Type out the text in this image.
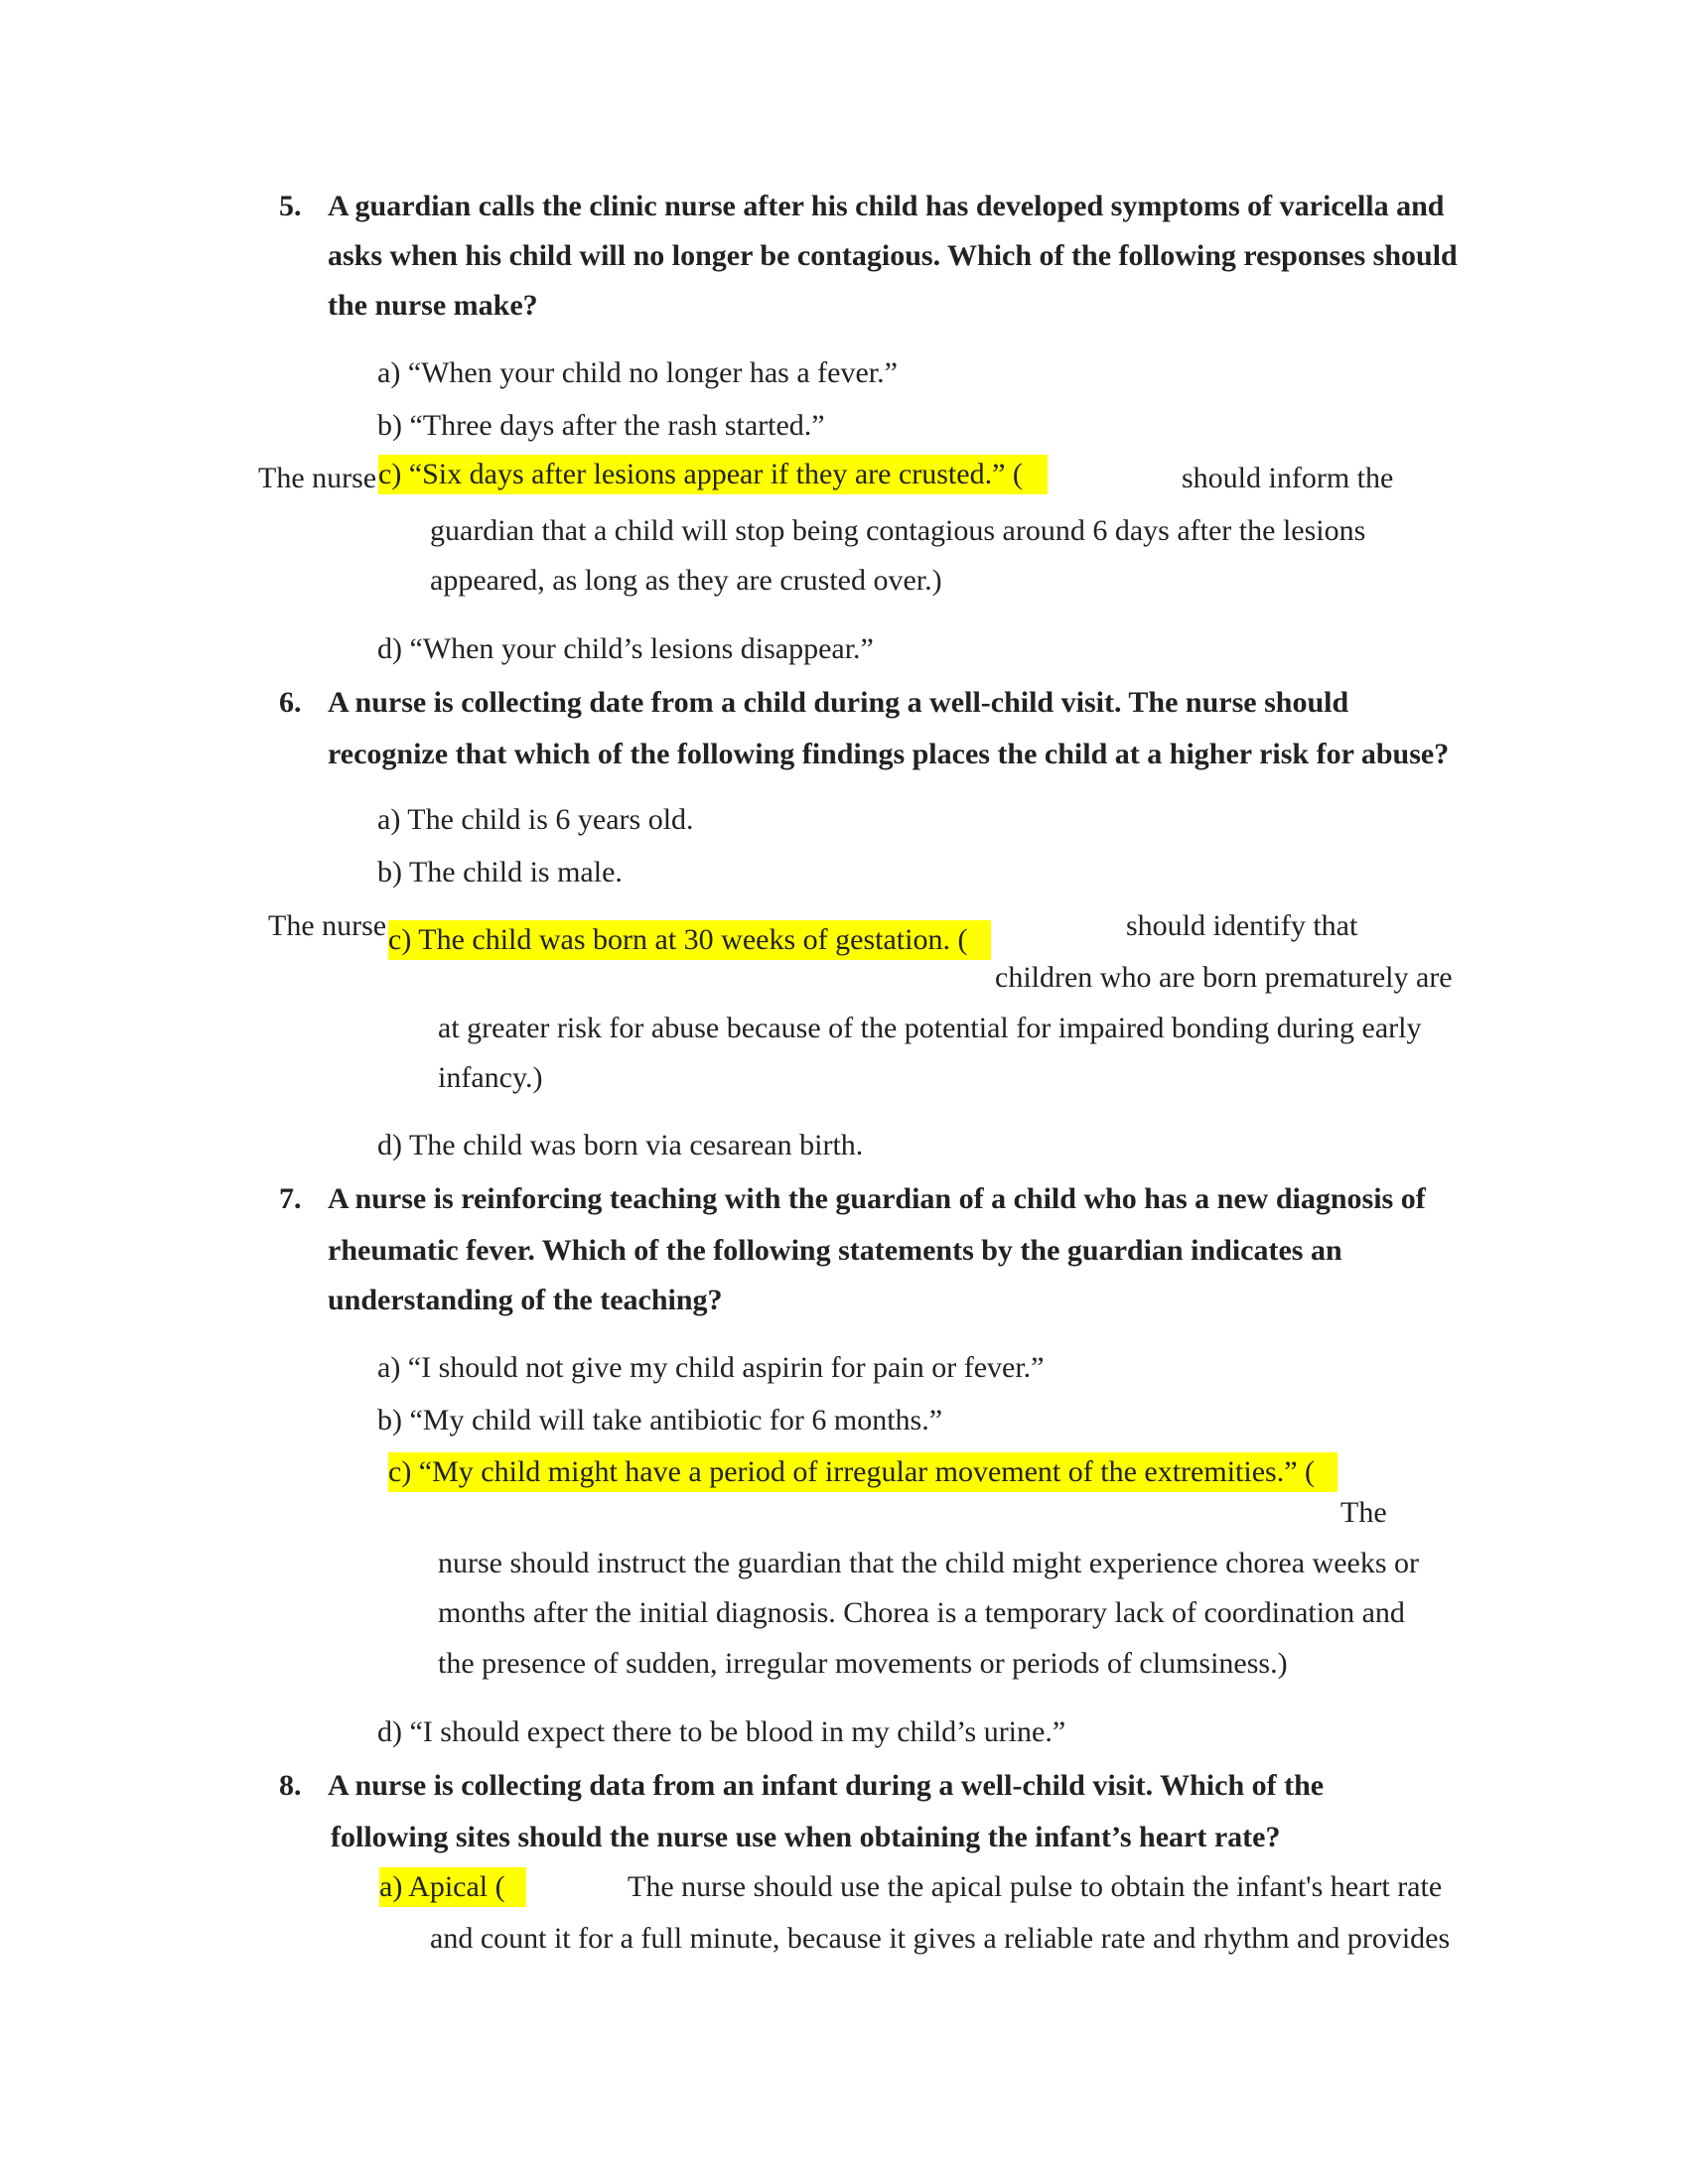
5. A guardian calls the clinic nurse after his child has developed symptoms of varicella and
asks when his child will no longer be contagious. Which of the following responses should
the nurse make?
a) “When your child no longer has a fever.”
b) “Three days after the rash started.”
The nurse c) “Six days after lesions appear if they are crusted.” (	should inform the
guardian that a child will stop being contagious around 6 days after the lesions
appeared, as long as they are crusted over.)
d) “When your child’s lesions disappear.”
6. A nurse is collecting date from a child during a well-child visit. The nurse should
recognize that which of the following findings places the child at a higher risk for abuse?
a) The child is 6 years old.
b) The child is male.
The nurse c) The child was born at 30 weeks of gestation. (	should identify that
children who are born prematurely are
at greater risk for abuse because of the potential for impaired bonding during early
infancy.)
d) The child was born via cesarean birth.
7. A nurse is reinforcing teaching with the guardian of a child who has a new diagnosis of
rheumatic fever. Which of the following statements by the guardian indicates an
understanding of the teaching?
a) “I should not give my child aspirin for pain or fever.”
b) “My child will take antibiotic for 6 months.”
c) “My child might have a period of irregular movement of the extremities.” (
The
nurse should instruct the guardian that the child might experience chorea weeks or
months after the initial diagnosis. Chorea is a temporary lack of coordination and
the presence of sudden, irregular movements or periods of clumsiness.)
d) “I should expect there to be blood in my child’s urine.”
8. A nurse is collecting data from an infant during a well-child visit. Which of the
following sites should the nurse use when obtaining the infant’s heart rate?
a) Apical (	The nurse should use the apical pulse to obtain the infant's heart rate
and count it for a full minute, because it gives a reliable rate and rhythm and provides
